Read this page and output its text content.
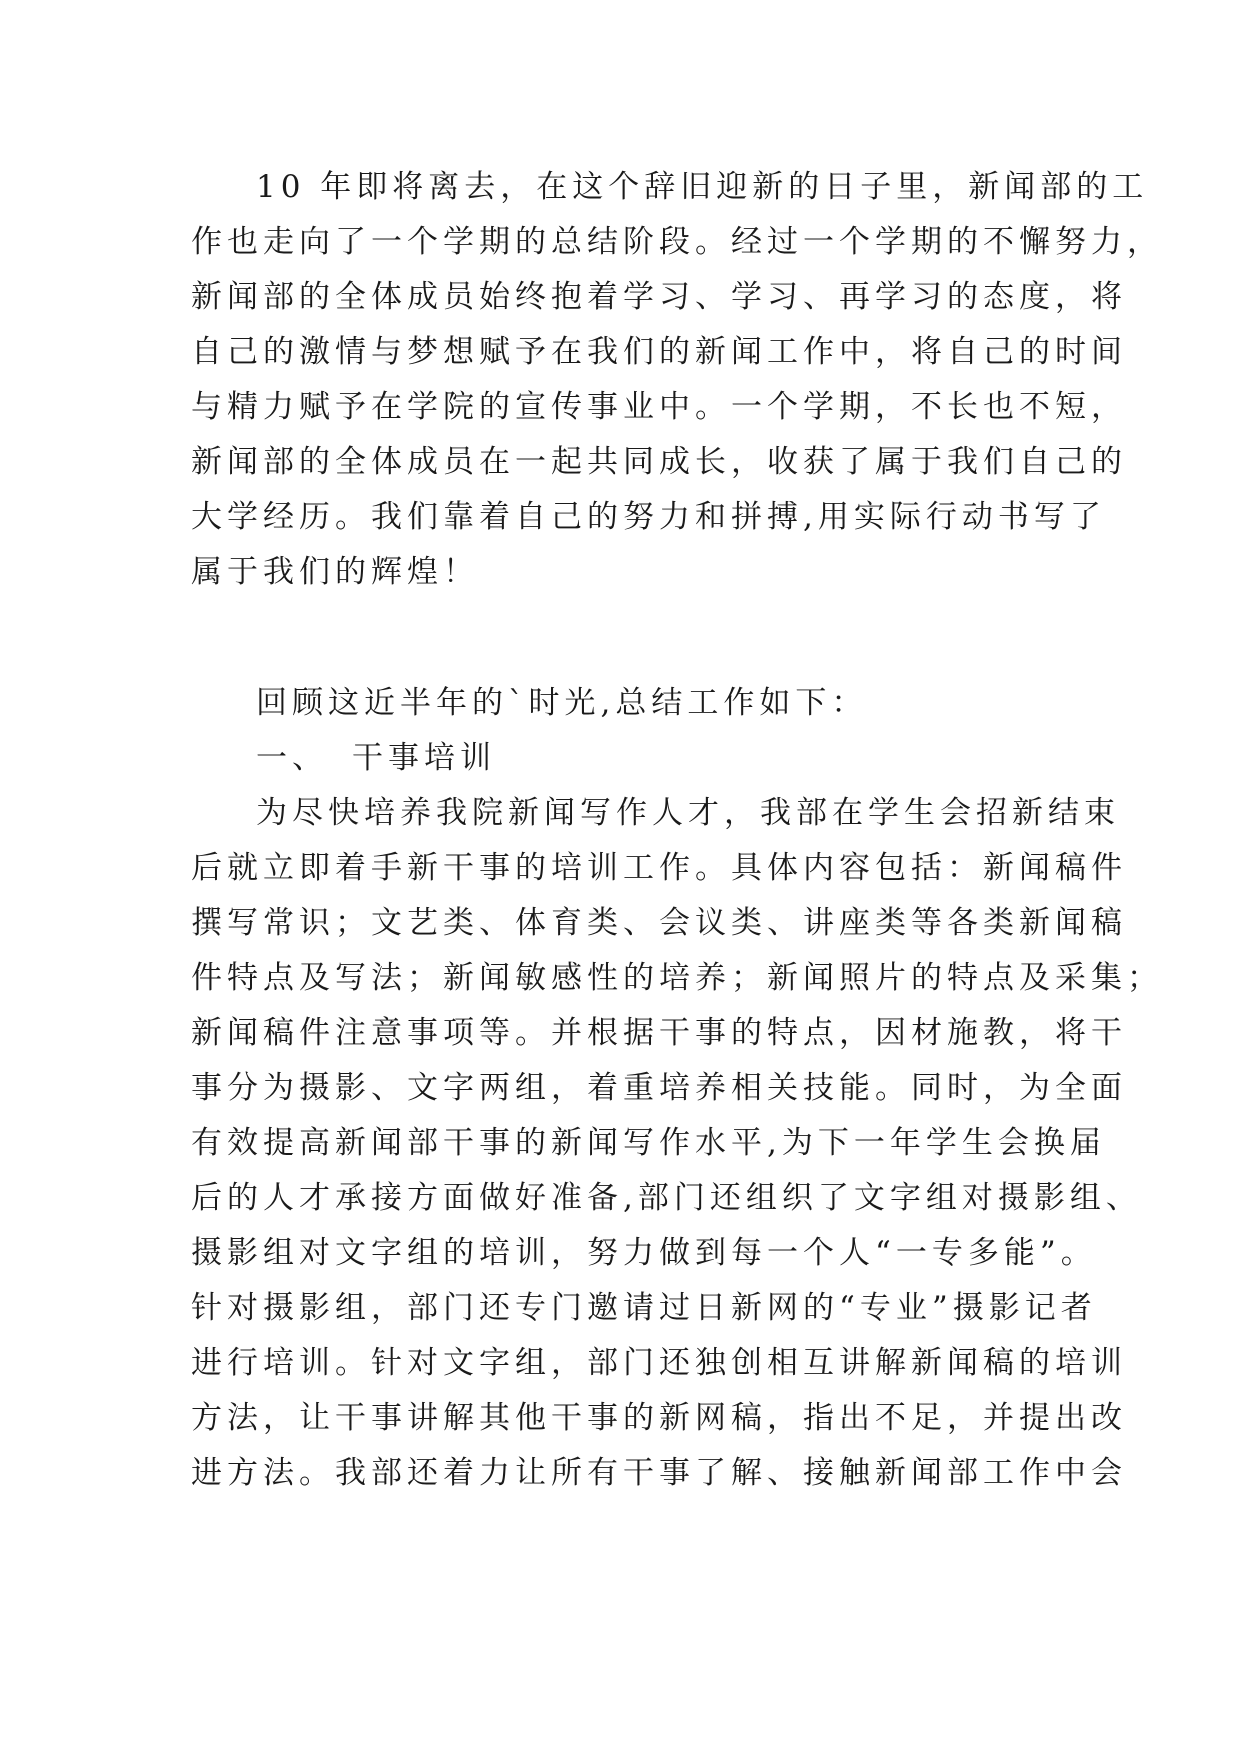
10 年即将离去，在这个辞旧迎新的日子里，新闻部的工

作也走向了一个学期的总结阶段。经过一个学期的不懈努力，

新闻部的全体成员始终抱着学习、学习、再学习的态度，将

自己的激情与梦想赋予在我们的新闻工作中，将自己的时间

与精力赋予在学院的宣传事业中。一个学期，不长也不短，

新闻部的全体成员在一起共同成长，收获了属于我们自己的

大学经历。我们靠着自己的努力和拼搏,用实际行动书写了

属于我们的辉煌！

回顾这近半年的`时光,总结工作如下：

一、 干事培训

为尽快培养我院新闻写作人才，我部在学生会招新结束

后就立即着手新干事的培训工作。具体内容包括：新闻稿件

撰写常识；文艺类、体育类、会议类、讲座类等各类新闻稿

件特点及写法；新闻敏感性的培养；新闻照片的特点及采集；

新闻稿件注意事项等。并根据干事的特点，因材施教，将干

事分为摄影、文字两组，着重培养相关技能。同时，为全面

有效提高新闻部干事的新闻写作水平,为下一年学生会换届

后的人才承接方面做好准备,部门还组织了文字组对摄影组、

摄影组对文字组的培训，努力做到每一个人“一专多能”。

针对摄影组，部门还专门邀请过日新网的“专业”摄影记者

进行培训。针对文字组，部门还独创相互讲解新闻稿的培训

方法，让干事讲解其他干事的新网稿，指出不足，并提出改

进方法。我部还着力让所有干事了解、接触新闻部工作中会
